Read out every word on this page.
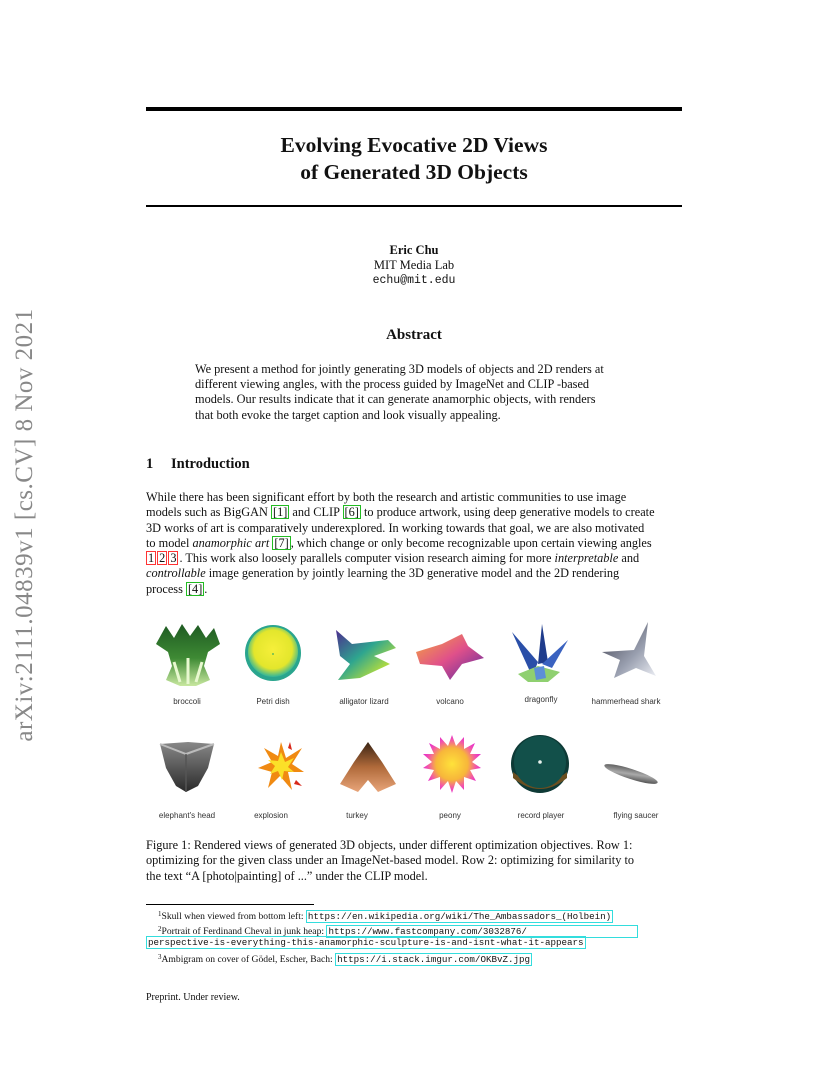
arXiv:2111.04839v1 [cs.CV] 8 Nov 2021
Evolving Evocative 2D Views
of Generated 3D Objects
Eric Chu
MIT Media Lab
echu@mit.edu
Abstract
We present a method for jointly generating 3D models of objects and 2D renders at
different viewing angles, with the process guided by ImageNet and CLIP -based
models. Our results indicate that it can generate anamorphic objects, with renders
that both evoke the target caption and look visually appealing.
1 Introduction
While there has been significant effort by both the research and artistic communities to use image
models such as BigGAN [1] and CLIP [6] to produce artwork, using deep generative models to create
3D works of art is comparatively underexplored. In working towards that goal, we are also motivated
to model anamorphic art [7] , which change or only become recognizable upon certain viewing angles
1 2 3 . This work also loosely parallels computer vision research aiming for more interpretable and
controllable image generation by jointly learning the 3D generative model and the 2D rendering
process [4] .
broccoli	Petri dish	alligator lizard	volcano	dragonfly	hammerhead shark
elephant's head	explosion	turkey	peony	record player	flying saucer
Figure 1: Rendered views of generated 3D objects, under different optimization objectives. Row 1:
optimizing for the given class under an ImageNet-based model. Row 2: optimizing for similarity to
the text “A [photo|painting] of ...” under the CLIP model.
$^1$Skull when viewed from bottom left: https://en.wikipedia.org/wiki/The_Ambassadors_(Holbein)
$^2$Portrait of Ferdinand Cheval in junk heap: https://www.fastcompany.com/3032876/
perspective-is-everything-this-anamorphic-sculpture-is-and-isnt-what-it-appears
$^3$Ambigram on cover of Gödel, Escher, Bach: https://i.stack.imgur.com/OKBvZ.jpg
Preprint. Under review.
